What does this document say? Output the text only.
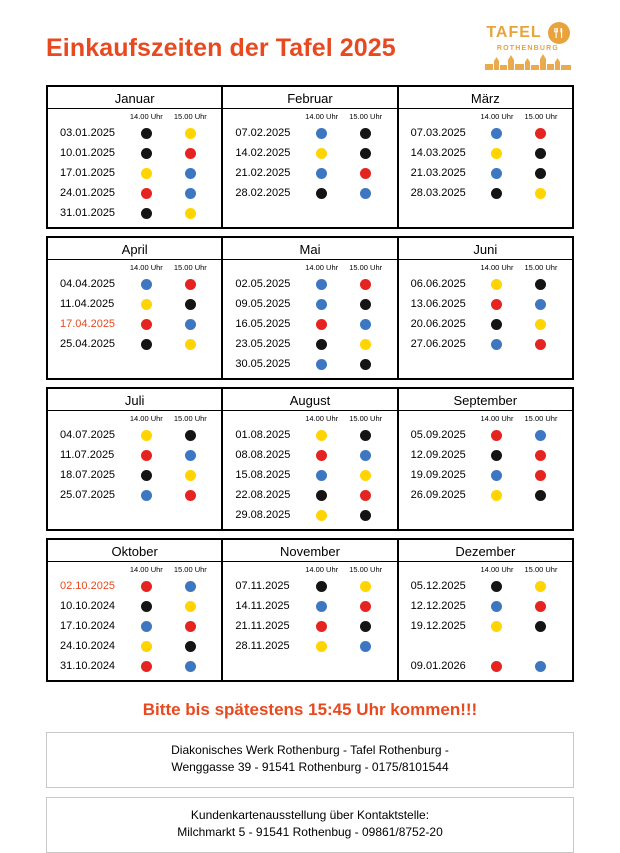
Einkaufszeiten der Tafel 2025
TAFEL
ROTHENBURG
Januar
14.00 Uhr	15.00 Uhr
03.01.2025
10.01.2025
17.01.2025
24.01.2025
31.01.2025
Februar
14.00 Uhr	15.00 Uhr
07.02.2025
14.02.2025
21.02.2025
28.02.2025
März
14.00 Uhr	15.00 Uhr
07.03.2025
14.03.2025
21.03.2025
28.03.2025
April
14.00 Uhr	15.00 Uhr
04.04.2025
11.04.2025
17.04.2025
25.04.2025
Mai
14.00 Uhr	15.00 Uhr
02.05.2025
09.05.2025
16.05.2025
23.05.2025
30.05.2025
Juni
14.00 Uhr	15.00 Uhr
06.06.2025
13.06.2025
20.06.2025
27.06.2025
Juli
14.00 Uhr	15.00 Uhr
04.07.2025
11.07.2025
18.07.2025
25.07.2025
August
14.00 Uhr	15.00 Uhr
01.08.2025
08.08.2025
15.08.2025
22.08.2025
29.08.2025
September
14.00 Uhr	15.00 Uhr
05.09.2025
12.09.2025
19.09.2025
26.09.2025
Oktober
14.00 Uhr	15.00 Uhr
02.10.2025
10.10.2024
17.10.2024
24.10.2024
31.10.2024
November
14.00 Uhr	15.00 Uhr
07.11.2025
14.11.2025
21.11.2025
28.11.2025
Dezember
14.00 Uhr	15.00 Uhr
05.12.2025
12.12.2025
19.12.2025
09.01.2026
Bitte bis spätestens 15:45 Uhr kommen!!!
Diakonisches Werk Rothenburg - Tafel Rothenburg -
Wenggasse 39 - 91541 Rothenburg - 0175/8101544
Kundenkartenausstellung über Kontaktstelle:
Milchmarkt 5 - 91541 Rothenbug - 09861/8752-20
